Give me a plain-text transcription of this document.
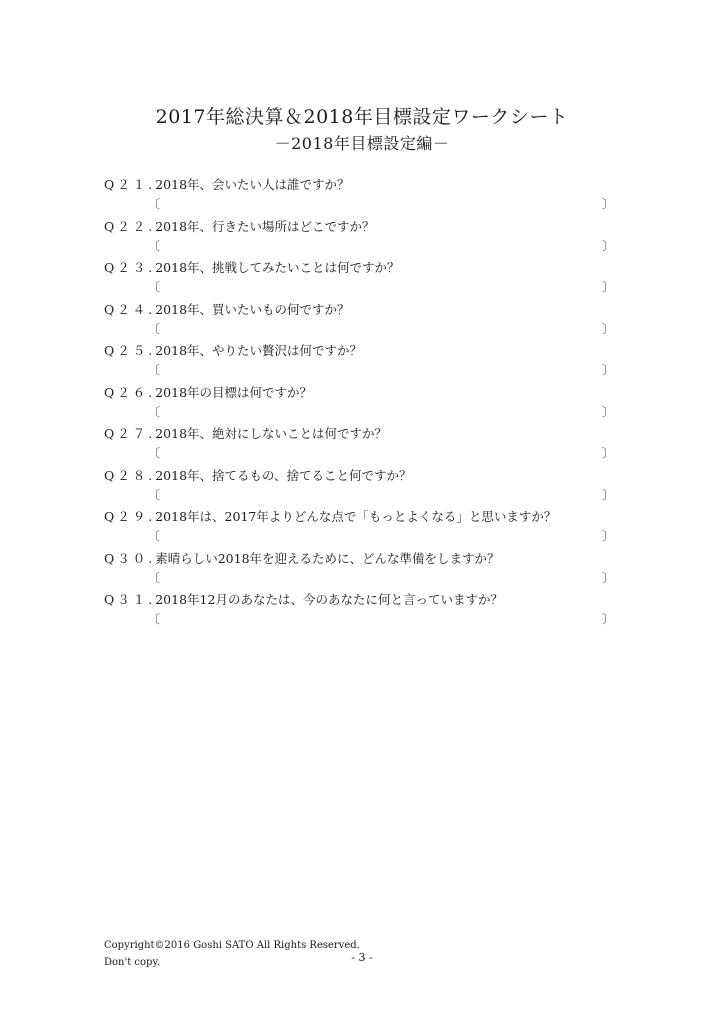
2017年総決算＆2018年目標設定ワークシート
－2018年目標設定編－
Q２１.2018年、会いたい人は誰ですか？
〔	〕
Q２２.2018年、行きたい場所はどこですか？
〔	〕
Q２３.2018年、挑戦してみたいことは何ですか？
〔	〕
Q２４.2018年、買いたいもの何ですか？
〔	〕
Q２５.2018年、やりたい贅沢は何ですか？
〔	〕
Q２６.2018年の目標は何ですか？
〔	〕
Q２７.2018年、絶対にしないことは何ですか？
〔	〕
Q２８.2018年、捨てるもの、捨てること何ですか？
〔	〕
Q２９.2018年は、2017年よりどんな点で「もっとよくなる」と思いますか？
〔	〕
Q３０.素晴らしい2018年を迎えるために、どんな準備をしますか？
〔	〕
Q３１.2018年12月のあなたは、今のあなたに何と言っていますか？
〔	〕
Copyright©2016 Goshi SATO All Rights Reserved.
Don't copy.	- 3 -
